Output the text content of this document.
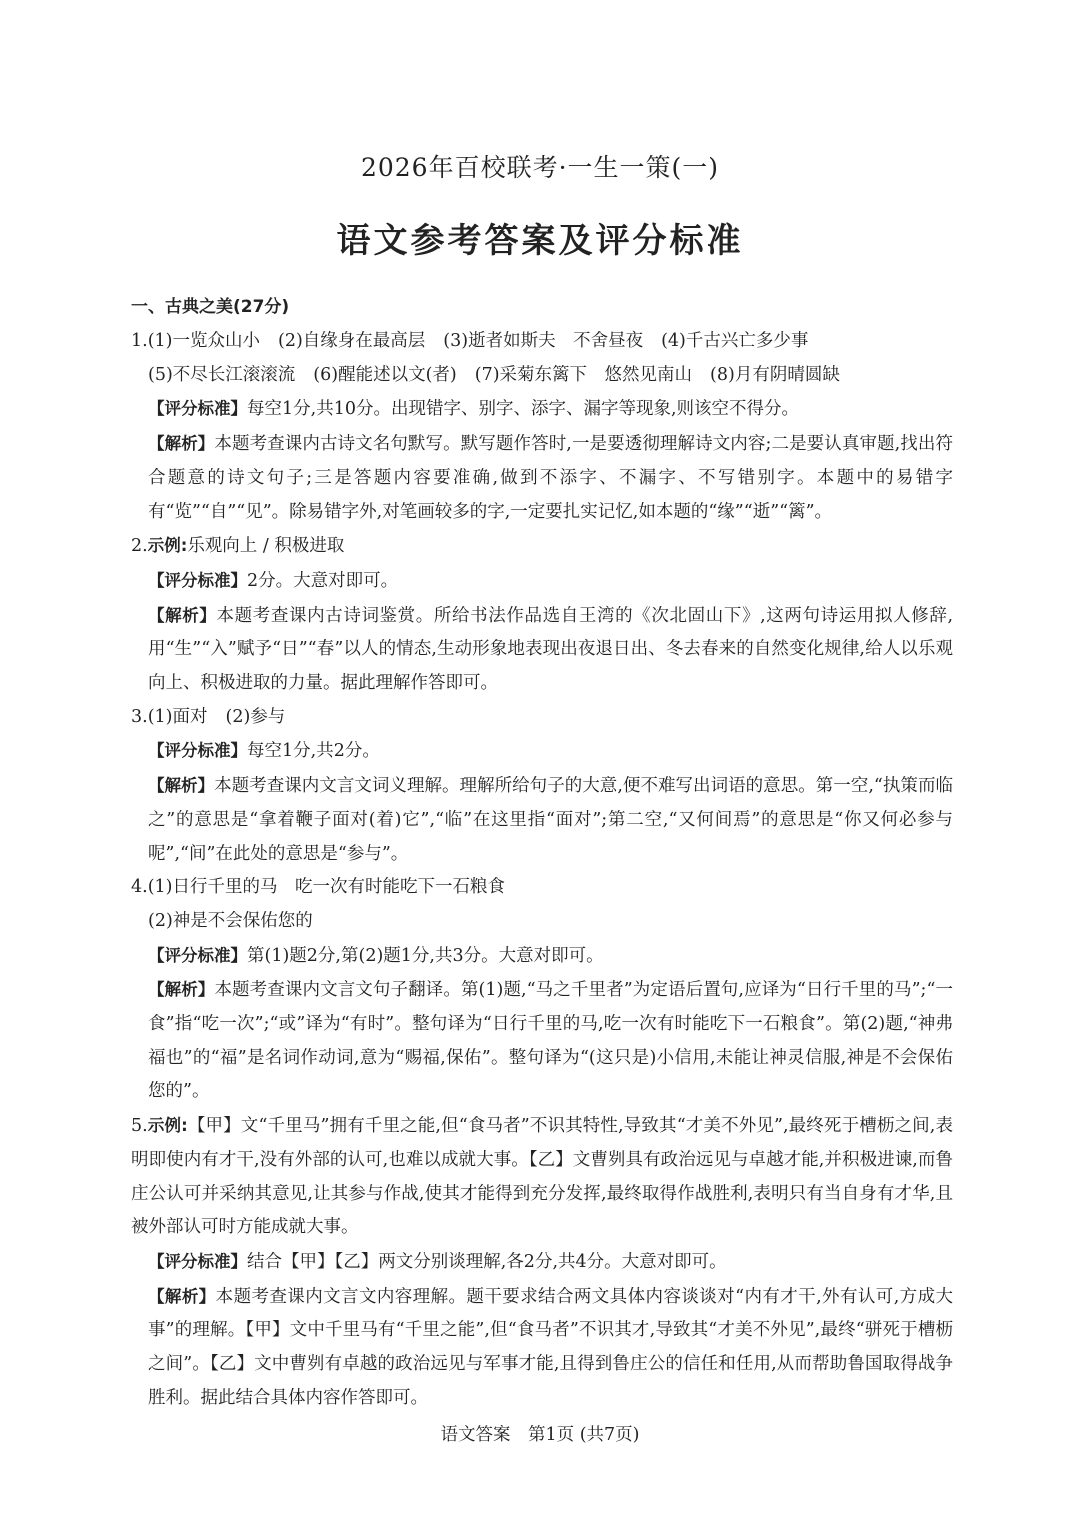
2026年百校联考·一生一策(一)
语文参考答案及评分标准
一、古典之美(27分)
1.(1)一览众山小 (2)自缘身在最高层 (3)逝者如斯夫　不舍昼夜 (4)千古兴亡多少事
(5)不尽长江滚滚流 (6)醒能述以文(者) (7)采菊东篱下　悠然见南山 (8)月有阴晴圆缺
【评分标准】每空1分,共10分。出现错字、别字、添字、漏字等现象,则该空不得分。
【解析】本题考查课内古诗文名句默写。默写题作答时,一是要透彻理解诗文内容;二是要认真审题,找出符合题意的诗文句子;三是答题内容要准确,做到不添字、不漏字、不写错别字。本题中的易错字有“览”“自”“见”。除易错字外,对笔画较多的字,一定要扎实记忆,如本题的“缘”“逝”“篱”。
2.示例:乐观向上 / 积极进取
【评分标准】2分。大意对即可。
【解析】本题考查课内古诗词鉴赏。所给书法作品选自王湾的《次北固山下》,这两句诗运用拟人修辞,用“生”“入”赋予“日”“春”以人的情态,生动形象地表现出夜退日出、冬去春来的自然变化规律,给人以乐观向上、积极进取的力量。据此理解作答即可。
3.(1)面对 (2)参与
【评分标准】每空1分,共2分。
【解析】本题考查课内文言文词义理解。理解所给句子的大意,便不难写出词语的意思。第一空,“执策而临之”的意思是“拿着鞭子面对(着)它”,“临”在这里指“面对”;第二空,“又何间焉”的意思是“你又何必参与呢”,“间”在此处的意思是“参与”。
4.(1)日行千里的马　吃一次有时能吃下一石粮食
(2)神是不会保佑您的
【评分标准】第(1)题2分,第(2)题1分,共3分。大意对即可。
【解析】本题考查课内文言文句子翻译。第(1)题,“马之千里者”为定语后置句,应译为“日行千里的马”;“一食”指“吃一次”;“或”译为“有时”。整句译为“日行千里的马,吃一次有时能吃下一石粮食”。第(2)题,“神弗福也”的“福”是名词作动词,意为“赐福,保佑”。整句译为“(这只是)小信用,未能让神灵信服,神是不会保佑您的”。
5.示例:【甲】文“千里马”拥有千里之能,但“食马者”不识其特性,导致其“才美不外见”,最终死于槽枥之间,表明即使内有才干,没有外部的认可,也难以成就大事。【乙】文曹刿具有政治远见与卓越才能,并积极进谏,而鲁庄公认可并采纳其意见,让其参与作战,使其才能得到充分发挥,最终取得作战胜利,表明只有当自身有才华,且被外部认可时方能成就大事。
【评分标准】结合【甲】【乙】两文分别谈理解,各2分,共4分。大意对即可。
【解析】本题考查课内文言文内容理解。题干要求结合两文具体内容谈谈对“内有才干,外有认可,方成大事”的理解。【甲】文中千里马有“千里之能”,但“食马者”不识其才,导致其“才美不外见”,最终“骈死于槽枥之间”。【乙】文中曹刿有卓越的政治远见与军事才能,且得到鲁庄公的信任和任用,从而帮助鲁国取得战争胜利。据此结合具体内容作答即可。
语文答案　第1页 (共7页)
